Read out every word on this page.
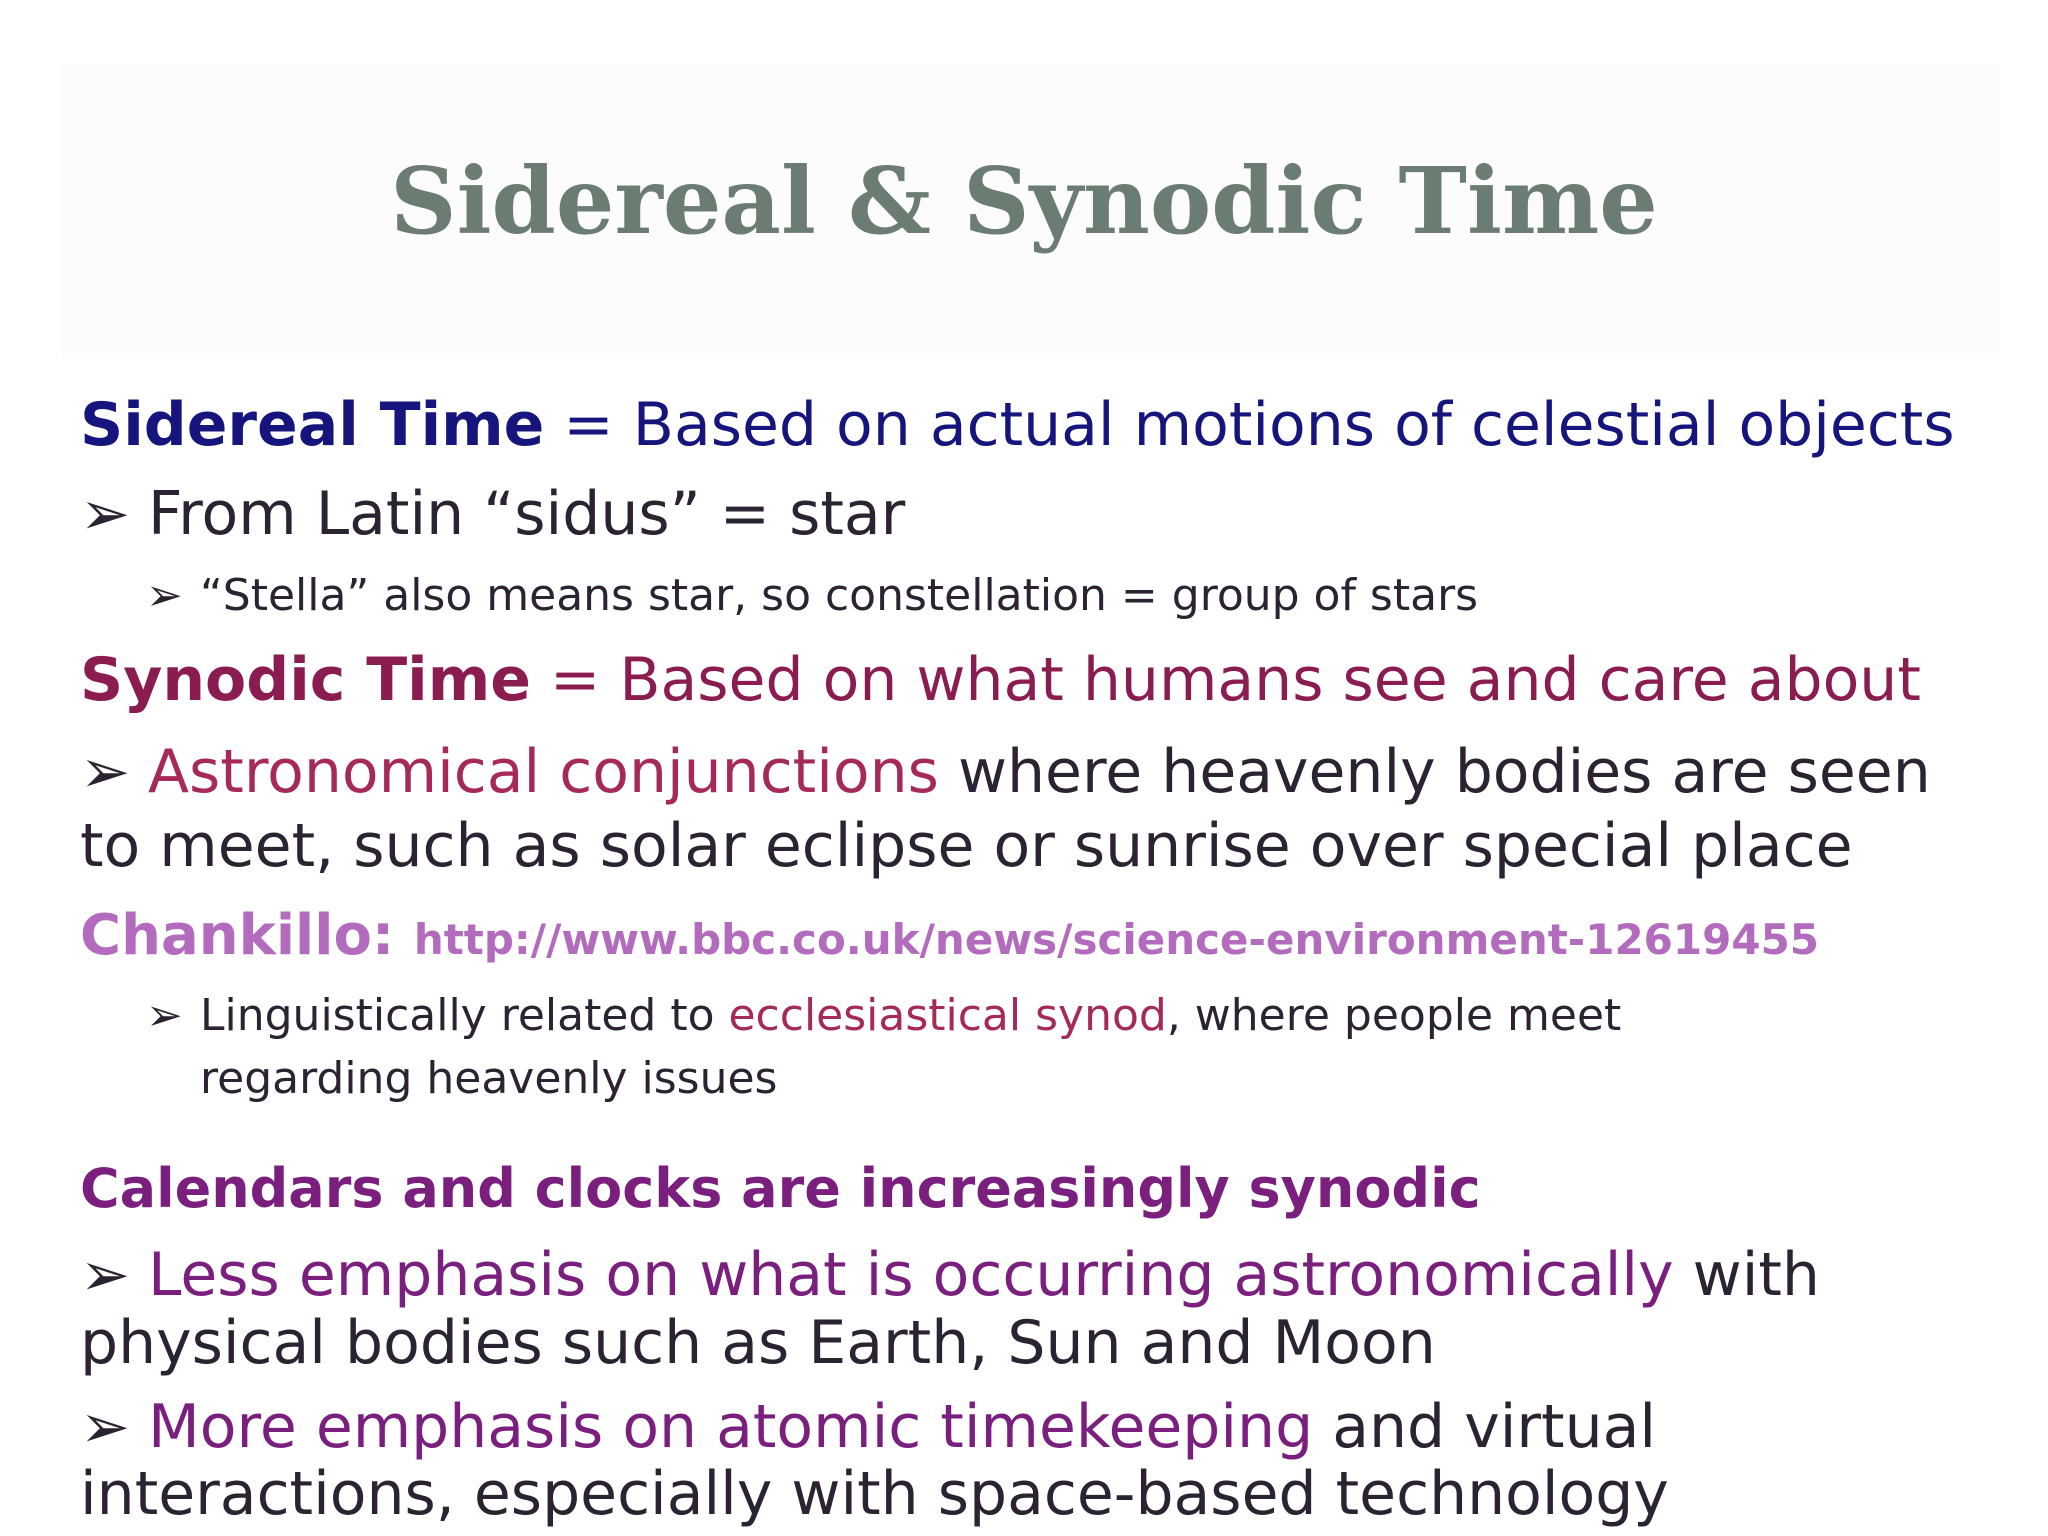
Sidereal & Synodic Time
Sidereal Time = Based on actual motions of celestial objects
➢ From Latin “sidus” = star
➢ “Stella” also means star, so constellation = group of stars
Synodic Time = Based on what humans see and care about
➢ Astronomical conjunctions where heavenly bodies are seen
to meet, such as solar eclipse or sunrise over special place
Chankillo: http://www.bbc.co.uk/news/science-environment-12619455
➢ Linguistically related to ecclesiastical synod, where people meet
regarding heavenly issues
Calendars and clocks are increasingly synodic
➢ Less emphasis on what is occurring astronomically with
physical bodies such as Earth, Sun and Moon
➢ More emphasis on atomic timekeeping and virtual
interactions, especially with space-based technology
